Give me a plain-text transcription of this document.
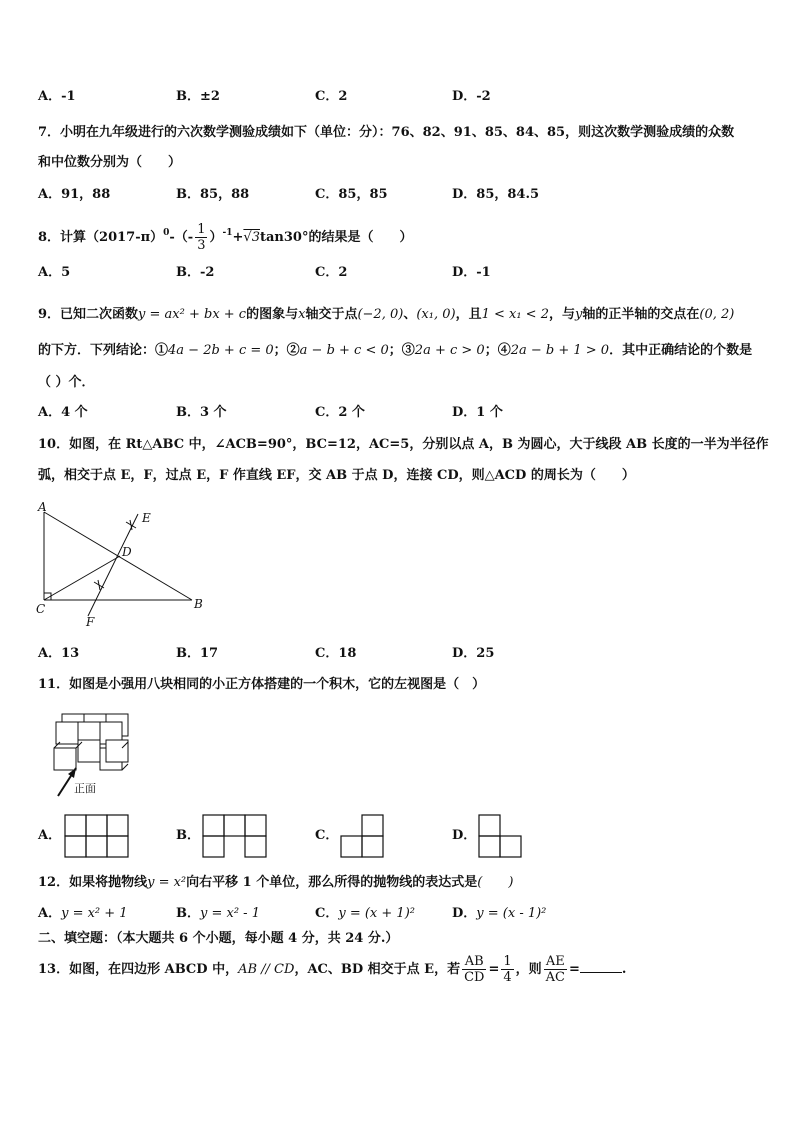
A．-1	B．±2	C．2	D．-2
7．小明在九年级进行的六次数学测验成绩如下（单位：分）：76、82、91、85、84、85，则这次数学测验成绩的众数
和中位数分别为（　　）
A．91，88	B．85，88	C．85，85	D．85，84.5
8．计算$(2017-\pi)^0-(- \frac{1}{3} )^{-1}+√3\tan 30^\circ$的结果是（　　）
A．5	B．-2	C．2	D．-1
9．已知二次函数y = ax² + bx + c的图象与x轴交于点(−2, 0)、(x₁, 0)，且1 < x₁ < 2，与y轴的正半轴的交点在(0, 2)
的下方．下列结论：①4a − 2b + c = 0；②a − b + c < 0；③2a + c > 0；④2a − b + 1 > 0．其中正确结论的个数是
（ ）个．
A．4 个	B．3 个	C．2 个	D．1 个
10．如图，在 Rt△ABC 中，∠ACB=90°，BC=12，AC=5，分别以点 A，B 为圆心，大于线段 AB 长度的一半为半径作
弧，相交于点 E，F，过点 E，F 作直线 EF，交 AB 于点 D，连接 CD，则△ACD 的周长为（　　）
A
B
C
D
E
F
A．13	B．17	C．18	D．25
11．如图是小强用八块相同的小正方体搭建的一个积木，它的左视图是（　）
正面
A．	B．	C．	D．
12．如果将抛物线y = x²向右平移 1 个单位，那么所得的抛物线的表达式是(　　)
A．y = x² + 1	B．y = x² - 1	C．y = (x + 1)²	D．y = (x - 1)²
二、填空题：（本大题共 6 个小题，每小题 4 分，共 24 分.）
13．如图，在四边形 ABCD 中，AB // CD，AC、BD 相交于点 E，若 $\frac{AB}{CD} = \frac{1}{4}$ ，则 $\frac{AE}{AC}$ =	.
